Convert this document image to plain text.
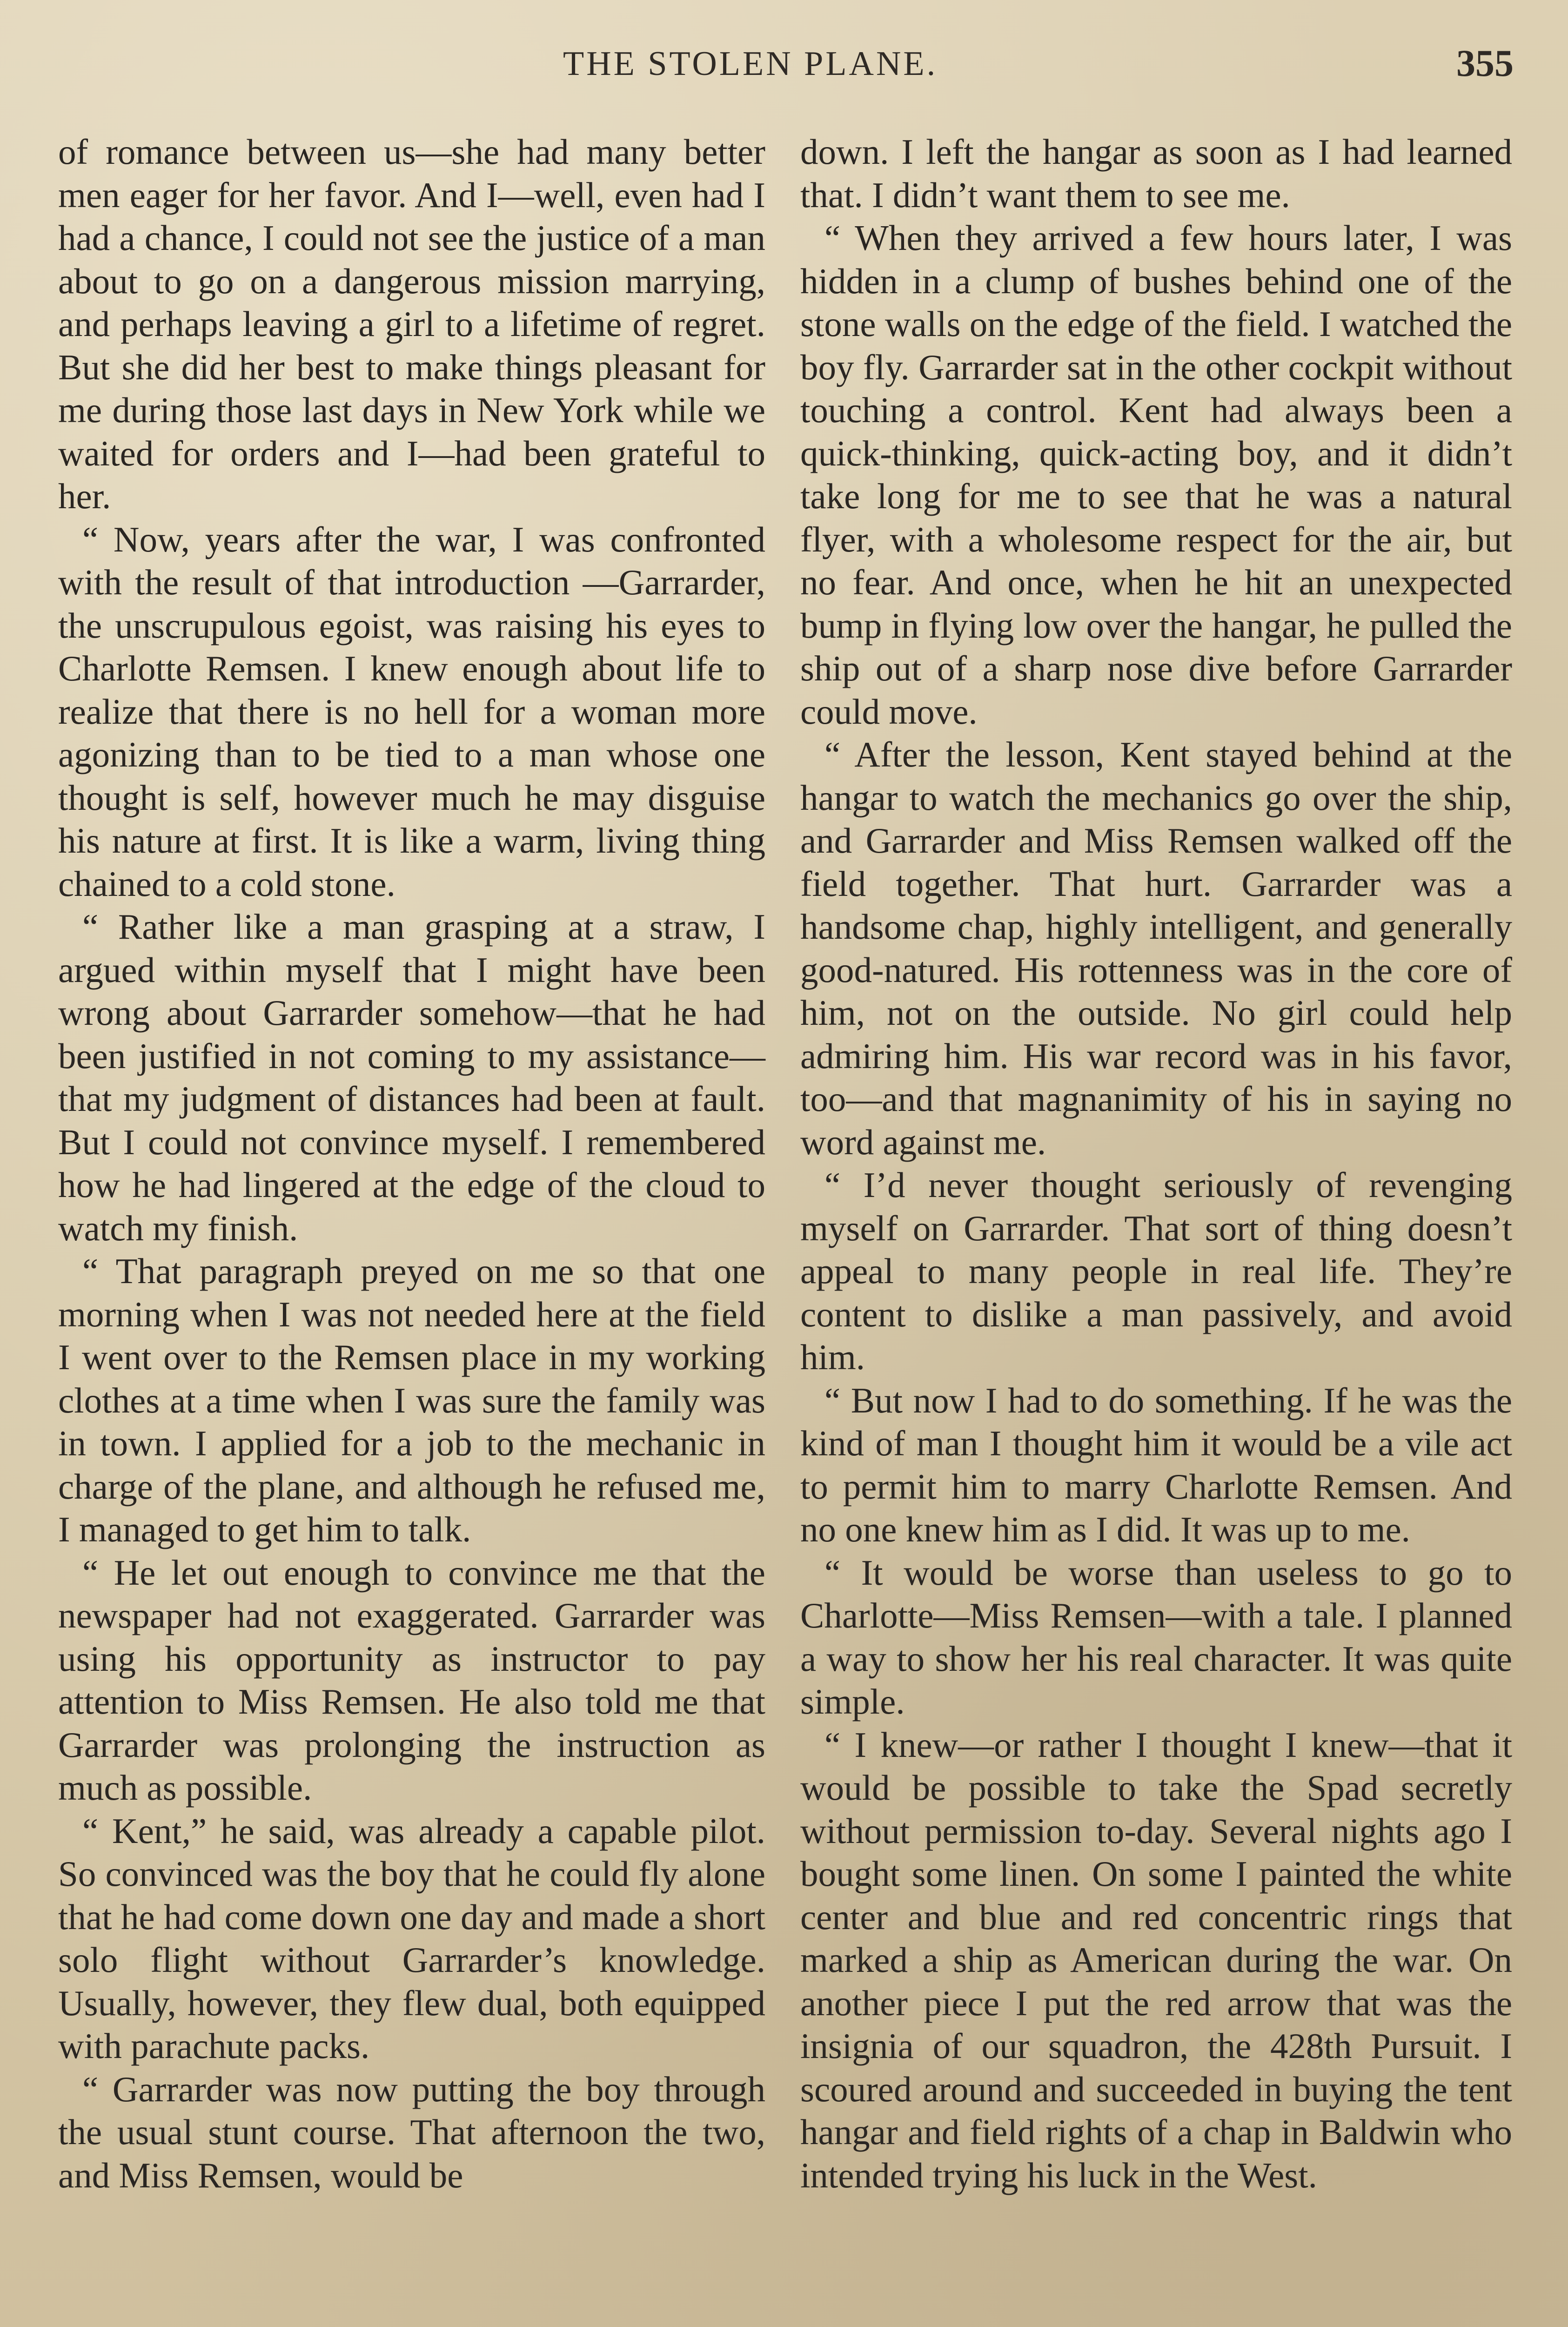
THE STOLEN PLANE.	355

of romance between us—she had many better men eager for her favor. And I—well, even had I had a chance, I could not see the justice of a man about to go on a dangerous mission marrying, and perhaps leaving a girl to a lifetime of regret. But she did her best to make things pleasant for me during those last days in New York while we waited for orders and I—had been grateful to her.

“ Now, years after the war, I was confronted with the result of that introduction —Garrarder, the unscrupulous egoist, was raising his eyes to Charlotte Remsen. I knew enough about life to realize that there is no hell for a woman more agonizing than to be tied to a man whose one thought is self, however much he may disguise his nature at first. It is like a warm, living thing chained to a cold stone.

“ Rather like a man grasping at a straw, I argued within myself that I might have been wrong about Garrarder somehow—that he had been justified in not coming to my assistance—that my judgment of distances had been at fault. But I could not convince myself. I remembered how he had lingered at the edge of the cloud to watch my finish.

“ That paragraph preyed on me so that one morning when I was not needed here at the field I went over to the Remsen place in my working clothes at a time when I was sure the family was in town. I applied for a job to the mechanic in charge of the plane, and although he refused me, I managed to get him to talk.

“ He let out enough to convince me that the newspaper had not exaggerated. Garrarder was using his opportunity as instructor to pay attention to Miss Remsen. He also told me that Garrarder was prolonging the instruction as much as possible.

“ Kent,” he said, was already a capable pilot. So convinced was the boy that he could fly alone that he had come down one day and made a short solo flight without Garrarder’s knowledge. Usually, however, they flew dual, both equipped with parachute packs.

“ Garrarder was now putting the boy through the usual stunt course. That afternoon the two, and Miss Remsen, would be

down. I left the hangar as soon as I had learned that. I didn’t want them to see me.

“ When they arrived a few hours later, I was hidden in a clump of bushes behind one of the stone walls on the edge of the field. I watched the boy fly. Garrarder sat in the other cockpit without touching a control. Kent had always been a quick-thinking, quick-acting boy, and it didn’t take long for me to see that he was a natural flyer, with a wholesome respect for the air, but no fear. And once, when he hit an unexpected bump in flying low over the hangar, he pulled the ship out of a sharp nose dive before Garrarder could move.

“ After the lesson, Kent stayed behind at the hangar to watch the mechanics go over the ship, and Garrarder and Miss Remsen walked off the field together. That hurt. Garrarder was a handsome chap, highly intelligent, and generally good-natured. His rottenness was in the core of him, not on the outside. No girl could help admiring him. His war record was in his favor, too—and that magnanimity of his in saying no word against me.

“ I’d never thought seriously of revenging myself on Garrarder. That sort of thing doesn’t appeal to many people in real life. They’re content to dislike a man passively, and avoid him.

“ But now I had to do something. If he was the kind of man I thought him it would be a vile act to permit him to marry Charlotte Remsen. And no one knew him as I did. It was up to me.

“ It would be worse than useless to go to Charlotte—Miss Remsen—with a tale. I planned a way to show her his real character. It was quite simple.

“ I knew—or rather I thought I knew—that it would be possible to take the Spad secretly without permission to-day. Several nights ago I bought some linen. On some I painted the white center and blue and red concentric rings that marked a ship as American during the war. On another piece I put the red arrow that was the insignia of our squadron, the 428th Pursuit. I scoured around and succeeded in buying the tent hangar and field rights of a chap in Baldwin who intended trying his luck in the West.
